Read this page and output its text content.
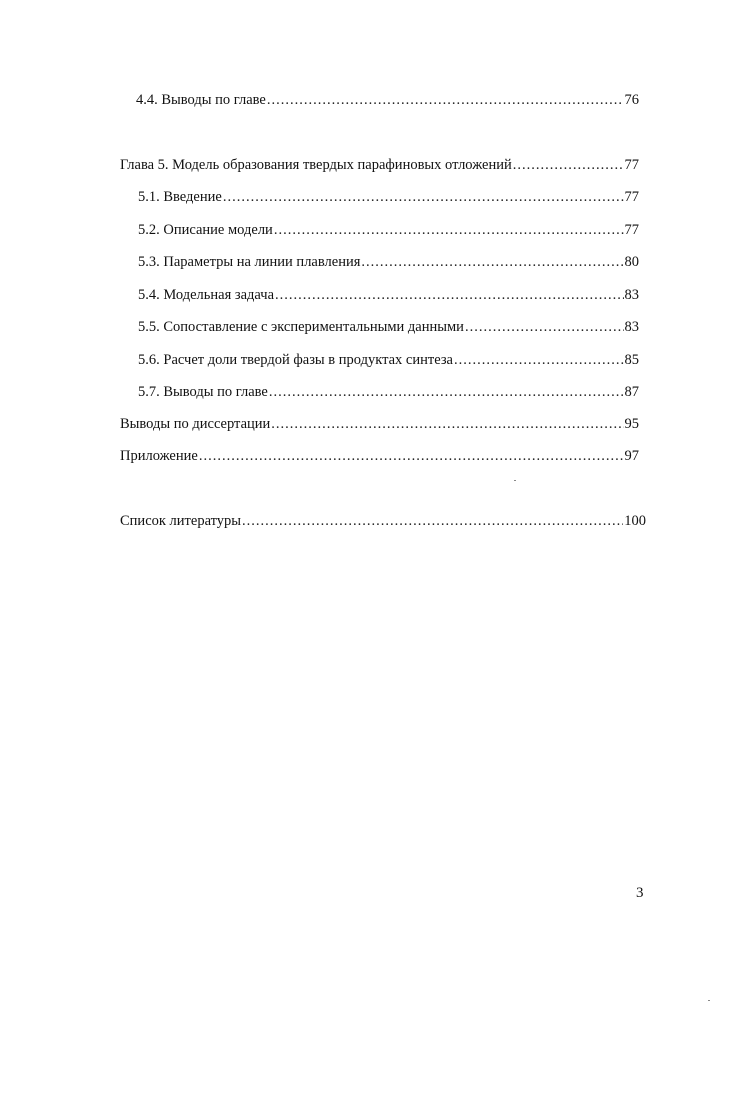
4.4. Выводы по главе .....	76
Глава 5. Модель образования твердых парафиновых отложений .....	77
5.1. Введение .....	77
5.2. Описание модели .....	77
5.3. Параметры на линии плавления .....	80
5.4. Модельная задача .....	83
5.5. Сопоставление с экспериментальными данными .....	83
5.6. Расчет доли твердой фазы в продуктах синтеза .....	85
5.7. Выводы по главе .....	87
Выводы по диссертации .....	95
Приложение .....	97
Список литературы .....	100
3
